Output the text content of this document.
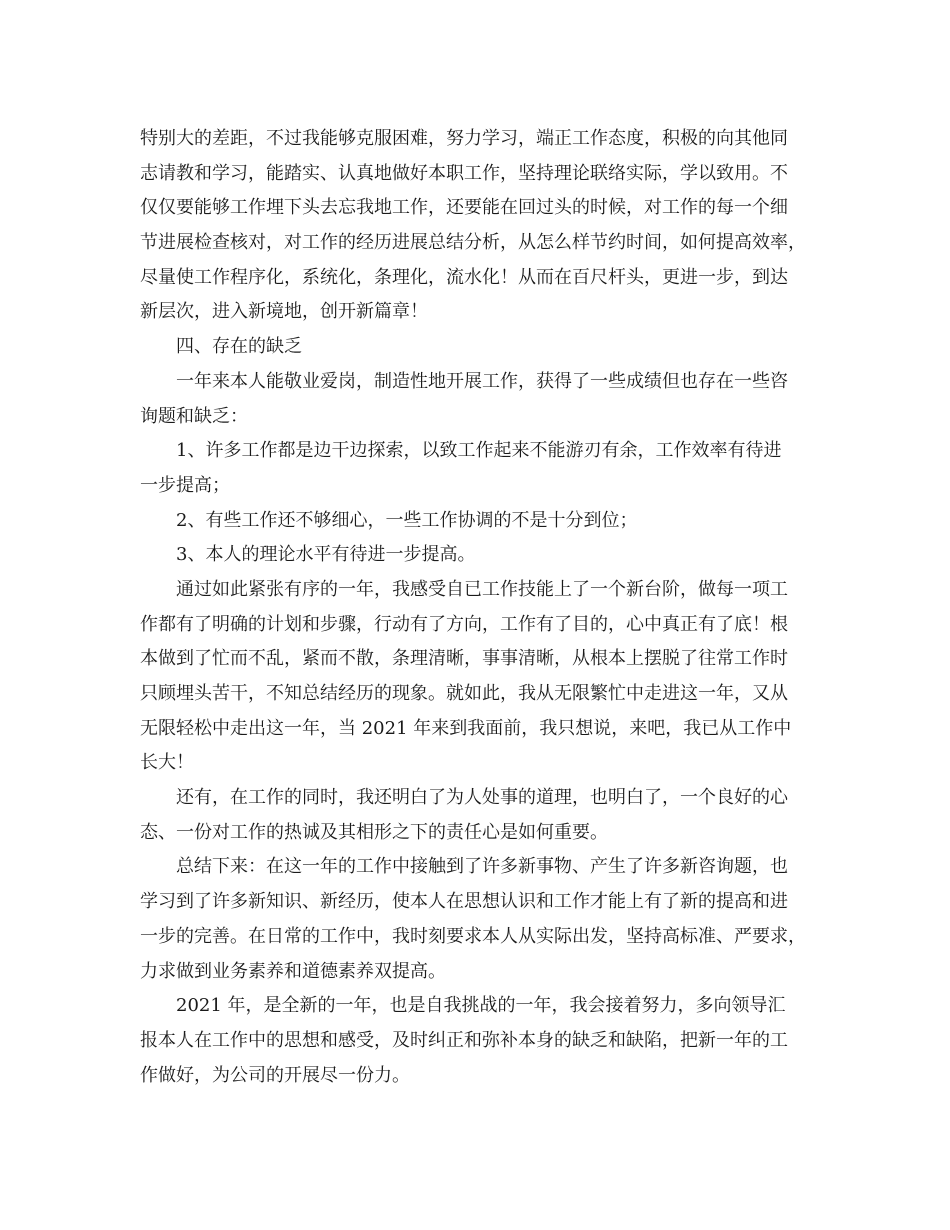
特别大的差距，不过我能够克服困难，努力学习，端正工作态度，积极的向其他同
志请教和学习，能踏实、认真地做好本职工作，坚持理论联络实际，学以致用。不
仅仅要能够工作埋下头去忘我地工作，还要能在回过头的时候，对工作的每一个细
节进展检查核对，对工作的经历进展总结分析，从怎么样节约时间，如何提高效率，
尽量使工作程序化，系统化，条理化，流水化！从而在百尺杆头，更进一步，到达
新层次，进入新境地，创开新篇章！
四、存在的缺乏
一年来本人能敬业爱岗，制造性地开展工作，获得了一些成绩但也存在一些咨
询题和缺乏：
1、许多工作都是边干边探索，以致工作起来不能游刃有余，工作效率有待进
一步提高；
2、有些工作还不够细心，一些工作协调的不是十分到位；
3、本人的理论水平有待进一步提高。
通过如此紧张有序的一年，我感受自已工作技能上了一个新台阶，做每一项工
作都有了明确的计划和步骤，行动有了方向，工作有了目的，心中真正有了底！根
本做到了忙而不乱，紧而不散，条理清晰，事事清晰，从根本上摆脱了往常工作时
只顾埋头苦干，不知总结经历的现象。就如此，我从无限繁忙中走进这一年，又从
无限轻松中走出这一年，当 2021 年来到我面前，我只想说，来吧，我已从工作中
长大！
还有，在工作的同时，我还明白了为人处事的道理，也明白了，一个良好的心
态、一份对工作的热诚及其相形之下的责任心是如何重要。
总结下来：在这一年的工作中接触到了许多新事物、产生了许多新咨询题，也
学习到了许多新知识、新经历，使本人在思想认识和工作才能上有了新的提高和进
一步的完善。在日常的工作中，我时刻要求本人从实际出发，坚持高标准、严要求，
力求做到业务素养和道德素养双提高。
2021 年，是全新的一年，也是自我挑战的一年，我会接着努力，多向领导汇
报本人在工作中的思想和感受，及时纠正和弥补本身的缺乏和缺陷，把新一年的工
作做好，为公司的开展尽一份力。
